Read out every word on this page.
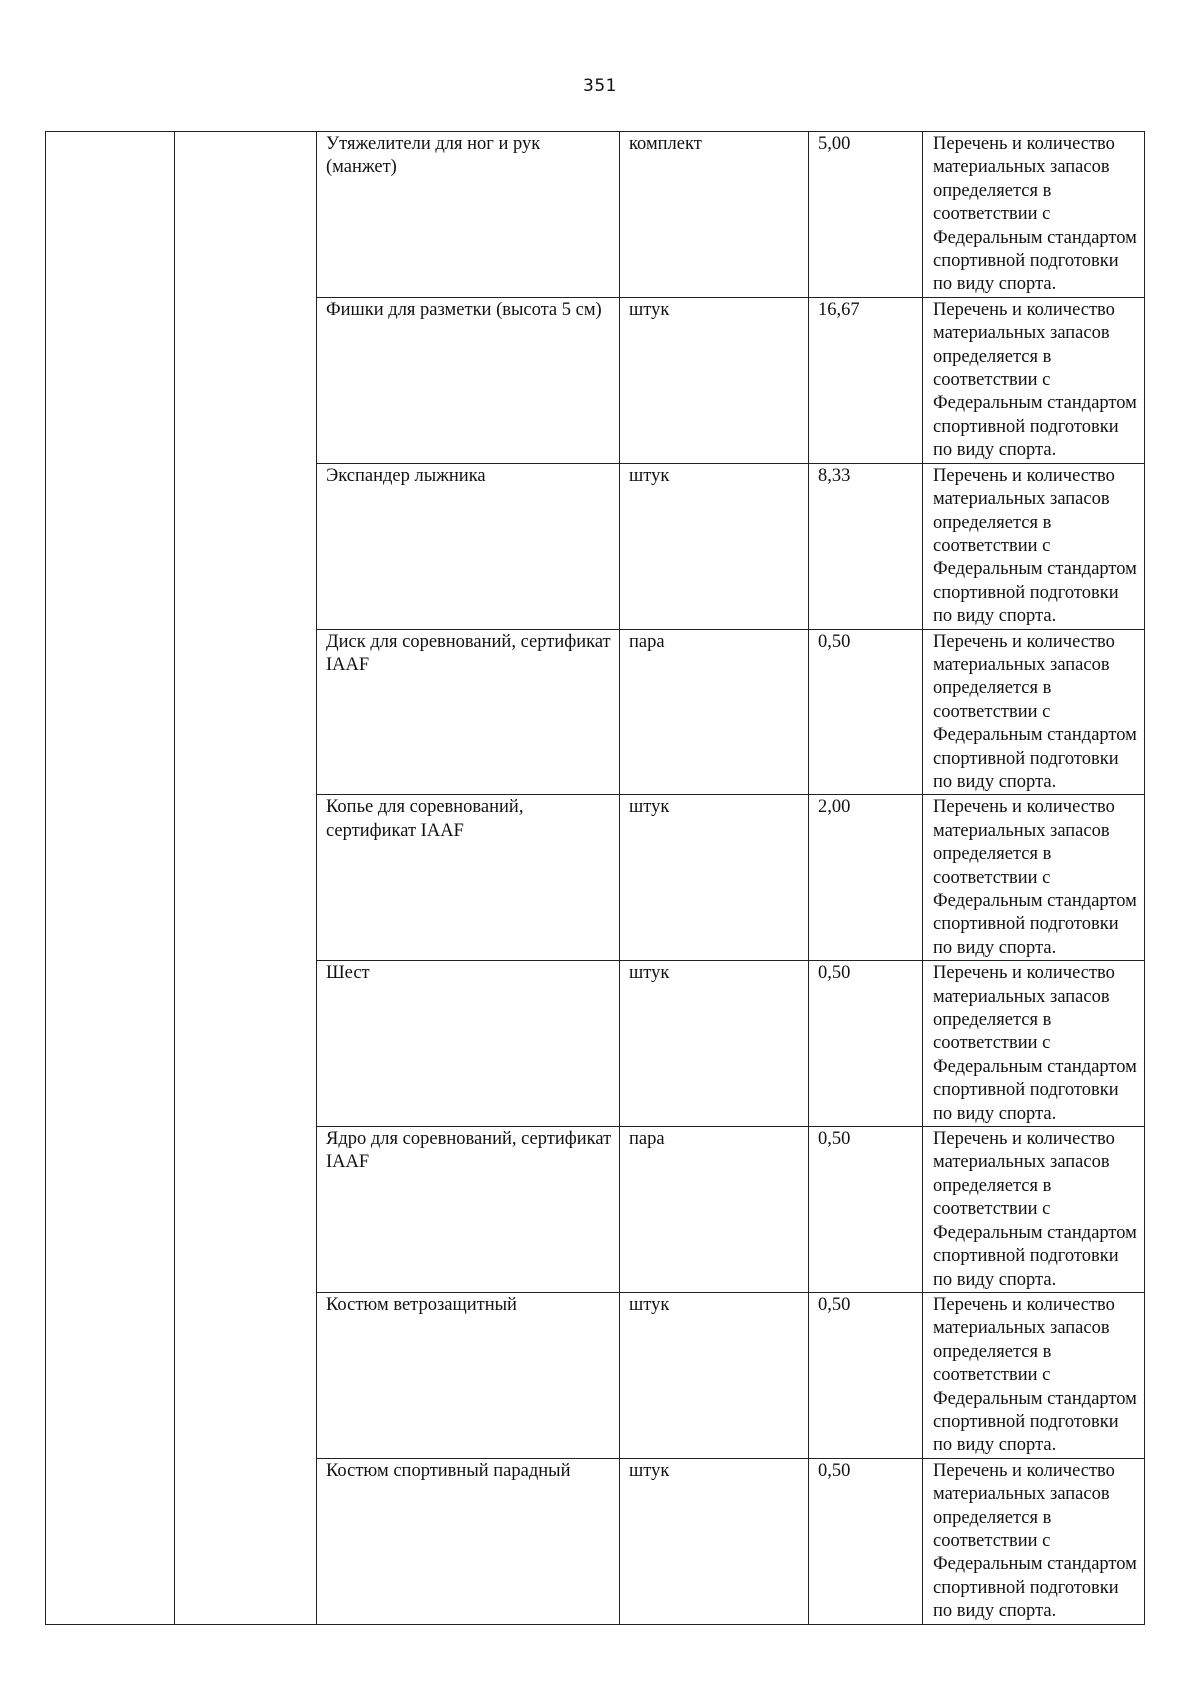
351
		Утяжелители для ног и рук (манжет)	комплект	5,00	Перечень и количество материальных запасов определяется в соответствии с Федеральным стандартом спортивной подготовки по виду спорта.

		Фишки для разметки (высота 5 см)	штук	16,67	Перечень и количество материальных запасов определяется в соответствии с Федеральным стандартом спортивной подготовки по виду спорта.

		Экспандер лыжника	штук	8,33	Перечень и количество материальных запасов определяется в соответствии с Федеральным стандартом спортивной подготовки по виду спорта.

		Диск для соревнований, сертификат IAAF	пара	0,50	Перечень и количество материальных запасов определяется в соответствии с Федеральным стандартом спортивной подготовки по виду спорта.

		Копье для соревнований, сертификат IAAF	штук	2,00	Перечень и количество материальных запасов определяется в соответствии с Федеральным стандартом спортивной подготовки по виду спорта.

		Шест	штук	0,50	Перечень и количество материальных запасов определяется в соответствии с Федеральным стандартом спортивной подготовки по виду спорта.

		Ядро для соревнований, сертификат IAAF	пара	0,50	Перечень и количество материальных запасов определяется в соответствии с Федеральным стандартом спортивной подготовки по виду спорта.

		Костюм ветрозащитный	штук	0,50	Перечень и количество материальных запасов определяется в соответствии с Федеральным стандартом спортивной подготовки по виду спорта.

		Костюм спортивный парадный	штук	0,50	Перечень и количество материальных запасов определяется в соответствии с Федеральным стандартом спортивной подготовки по виду спорта.
